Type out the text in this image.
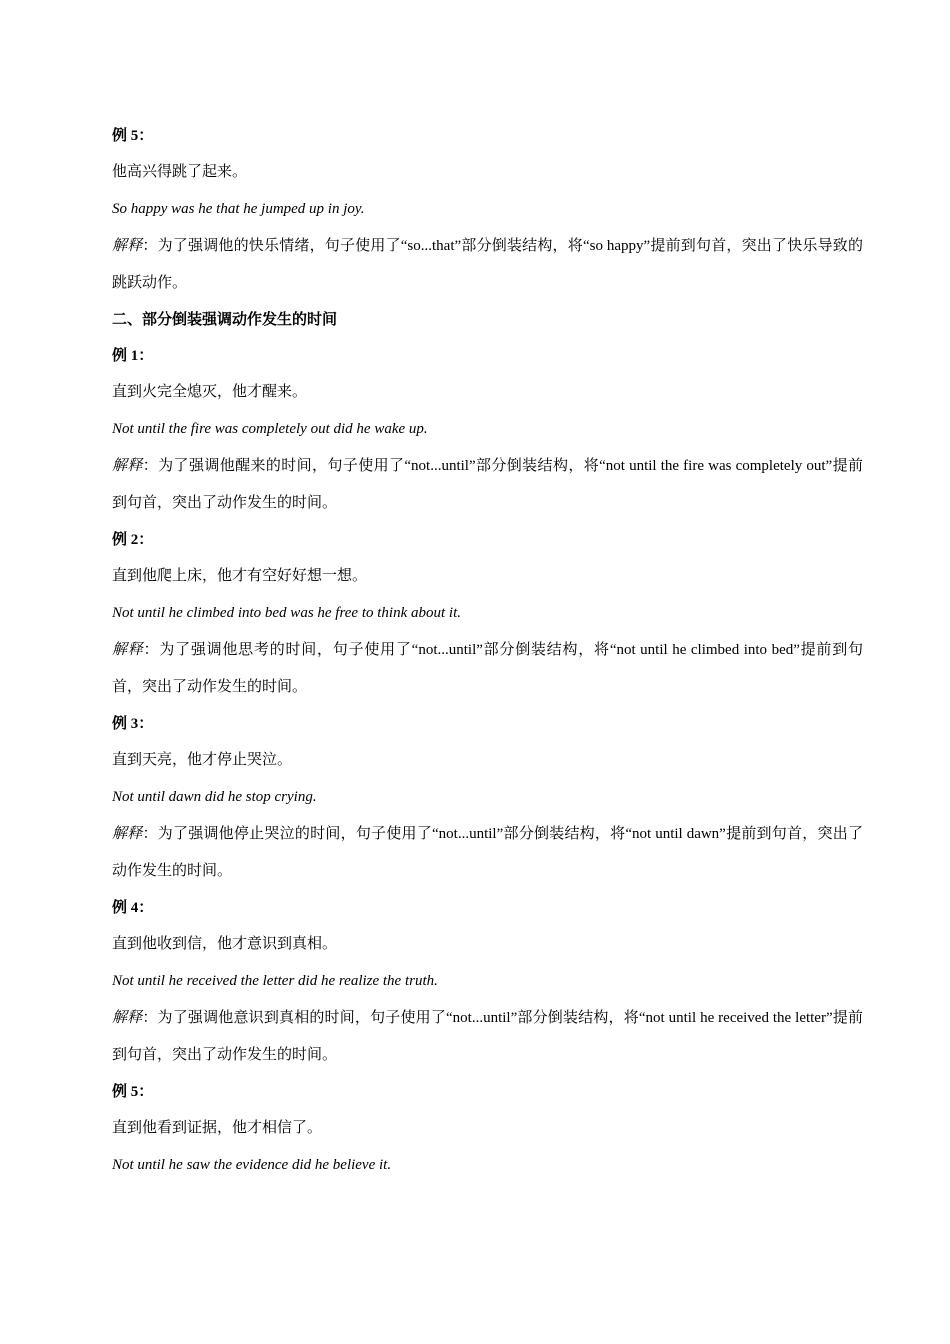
例 5：

他高兴得跳了起来。

So happy was he that he jumped up in joy.

解释：为了强调他的快乐情绪，句子使用了“so...that”部分倒装结构，将“so happy”提前到句首，突出了快乐导致的跳跃动作。

二、部分倒装强调动作发生的时间

例 1：

直到火完全熄灭，他才醒来。

Not until the fire was completely out did he wake up.

解释：为了强调他醒来的时间，句子使用了“not...until”部分倒装结构，将“not until the fire was completely out”提前到句首，突出了动作发生的时间。

例 2：

直到他爬上床，他才有空好好想一想。

Not until he climbed into bed was he free to think about it.

解释：为了强调他思考的时间，句子使用了“not...until”部分倒装结构，将“not until he climbed into bed”提前到句首，突出了动作发生的时间。

例 3：

直到天亮，他才停止哭泣。

Not until dawn did he stop crying.

解释：为了强调他停止哭泣的时间，句子使用了“not...until”部分倒装结构，将“not until dawn”提前到句首，突出了动作发生的时间。

例 4：

直到他收到信，他才意识到真相。

Not until he received the letter did he realize the truth.

解释：为了强调他意识到真相的时间，句子使用了“not...until”部分倒装结构，将“not until he received the letter”提前到句首，突出了动作发生的时间。

例 5：

直到他看到证据，他才相信了。

Not until he saw the evidence did he believe it.
